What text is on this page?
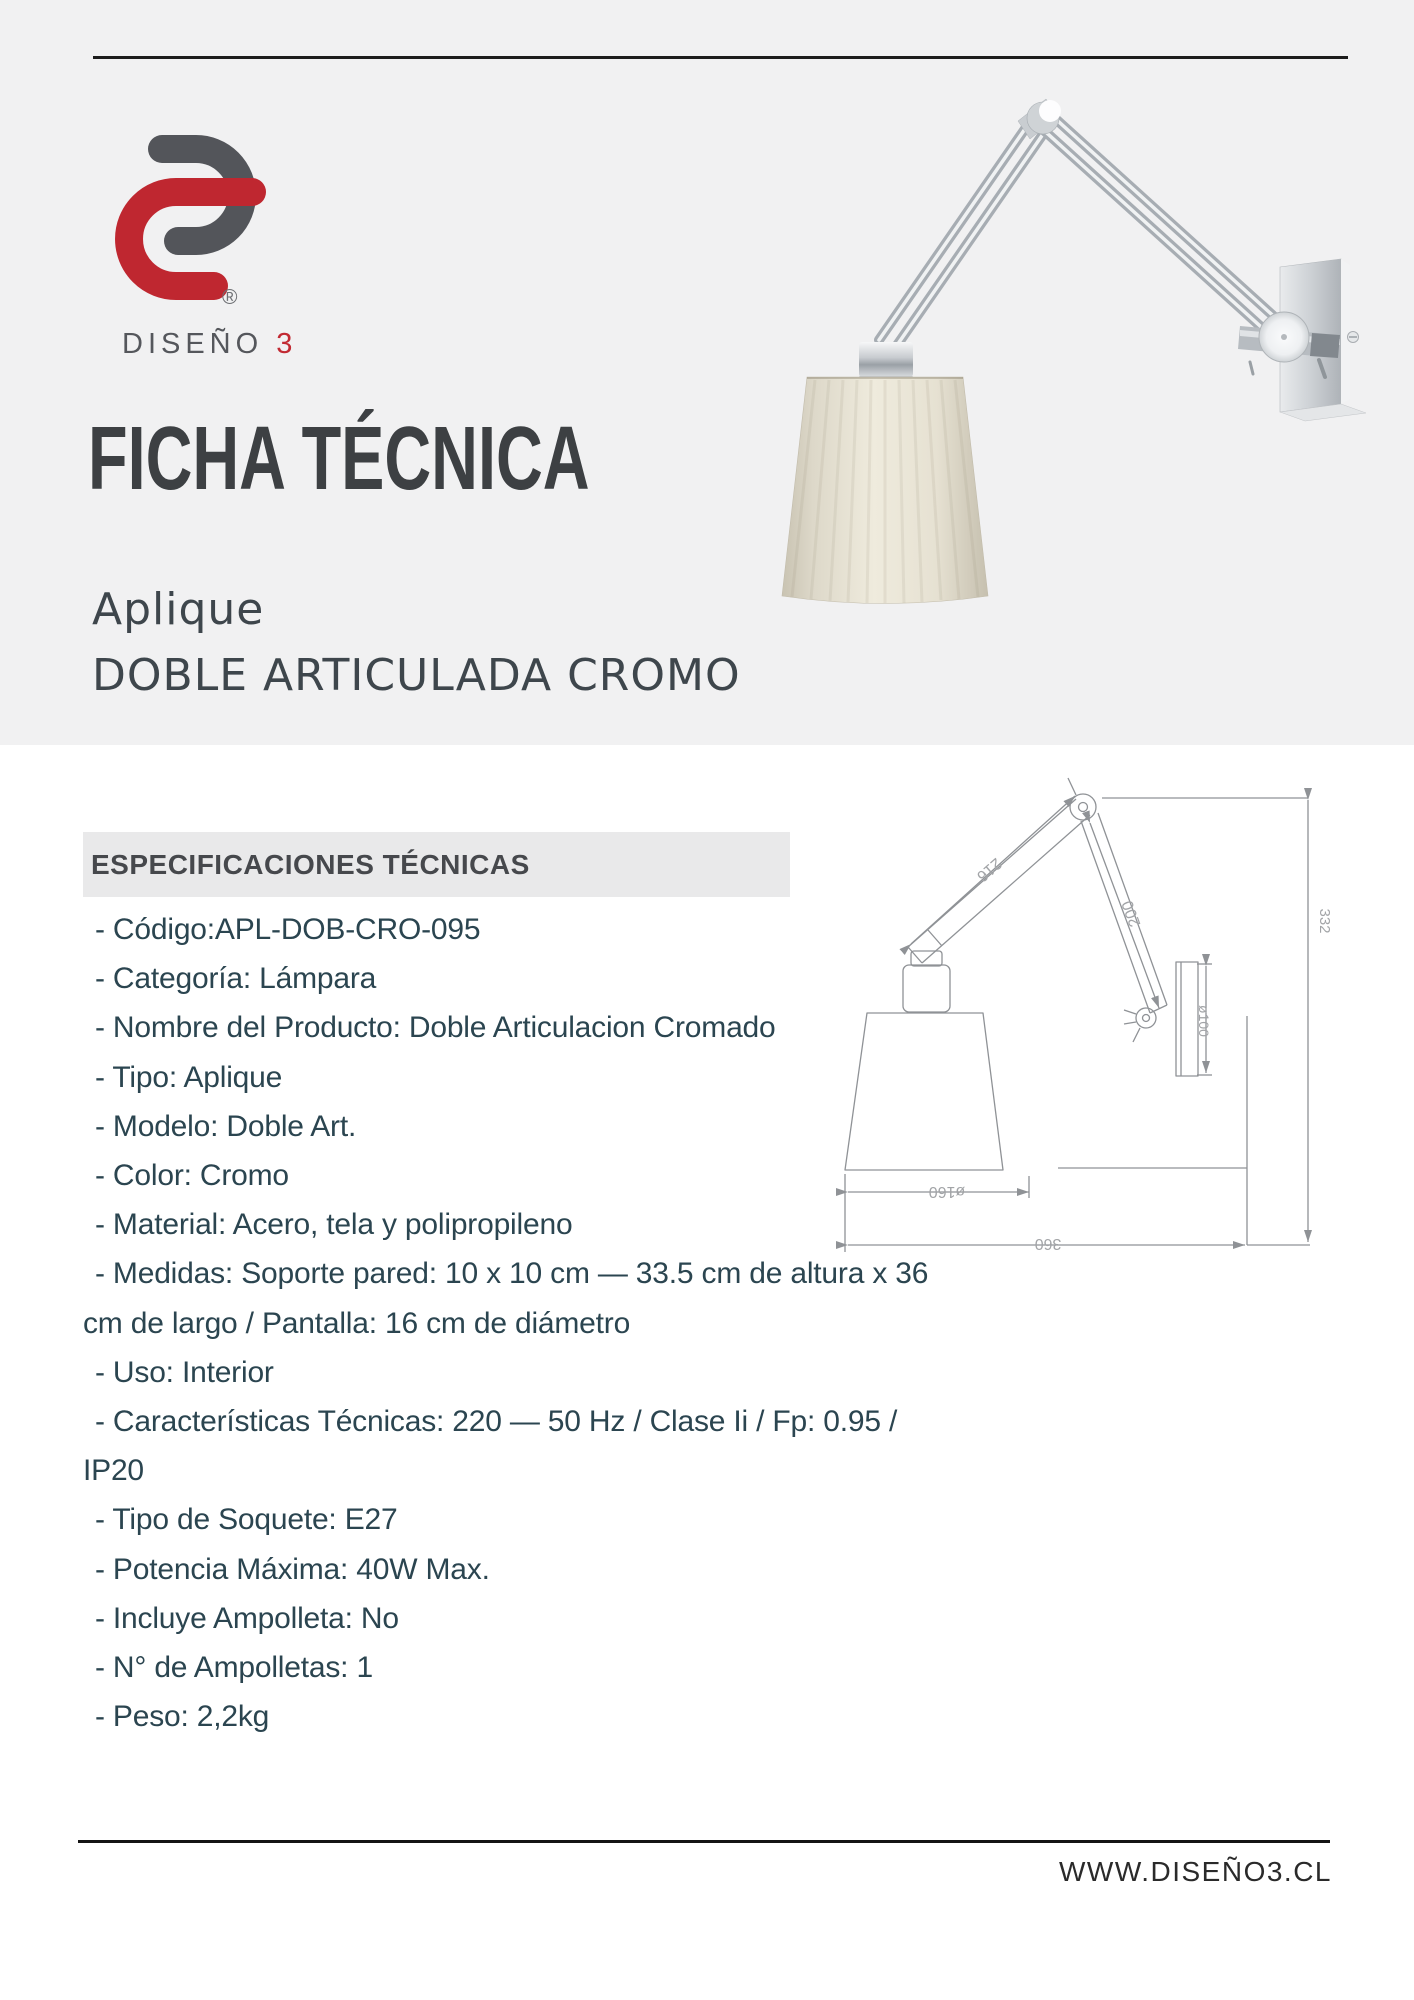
®
DISEÑO 3
FICHA TÉCNICA
Aplique
DOBLE ARTICULADA CROMO
ESPECIFICACIONES TÉCNICAS
- Código:APL-DOB-CRO-095
- Categoría: Lámpara
- Nombre del Producto: Doble Articulacion Cromado
- Tipo: Aplique
- Modelo: Doble Art.
- Color: Cromo
- Material: Acero, tela y polipropileno
- Medidas: Soporte pared: 10 x 10 cm — 33.5 cm de altura x 36
cm de largo / Pantalla: 16 cm de diámetro
- Uso: Interior
- Características Técnicas: 220 — 50 Hz / Clase Ii / Fp: 0.95 /
IP20
- Tipo de Soquete: E27
- Potencia Máxima: 40W Max.
- Incluye Ampolleta: No
- N° de Ampolletas: 1
- Peso: 2,2kg
216
200	332
ø100
ø160
360
WWW.DISEÑO3.CL
